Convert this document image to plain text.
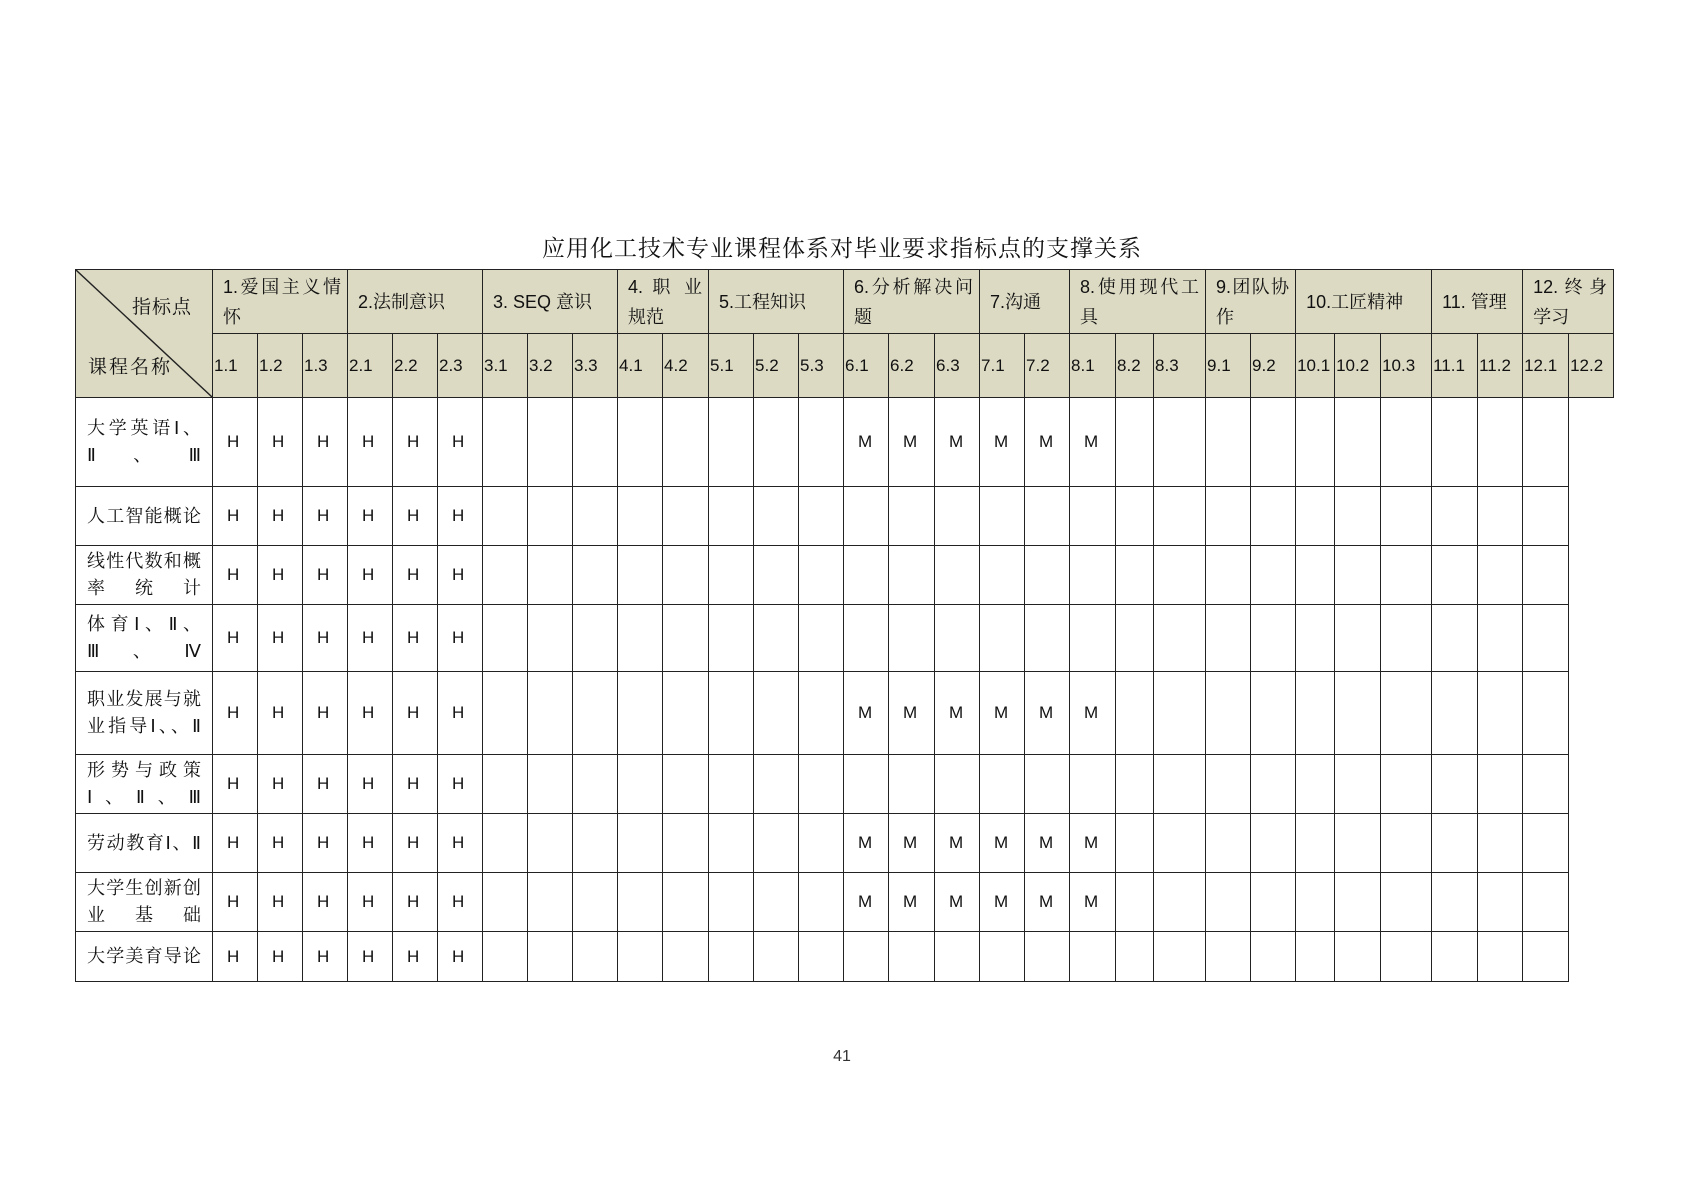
应用化工技术专业课程体系对毕业要求指标点的支撑关系
指标点
课程名称	1.爱国主义情怀			2.法制意识			3. SEQ 意识			4. 职 业规范		5.工程知识			6.分析解决问题			7.沟通		8.使用现代工具			9.团队协作		10.工匠精神			11. 管理		12.终身学习	
	1.1	1.2	1.3	2.1	2.2	2.3	3.1	3.2	3.3	4.1	4.2	5.1	5.2	5.3	6.1	6.2	6.3	7.1	7.2	8.1	8.2	8.3	9.1	9.2	10.1	10.2	10.3	11.1	11.2	12.1	12.2
大学英语Ⅰ、Ⅱ、Ⅲ	H	H	H	H	H	H									M	M	M	M	M	M											
人工智能概论	H	H	H	H	H	H																									
线性代数和概率统计	H	H	H	H	H	H																									
体育Ⅰ、Ⅱ、Ⅲ、Ⅳ	H	H	H	H	H	H																									
职业发展与就业指导Ⅰ、、Ⅱ	H	H	H	H	H	H									M	M	M	M	M	M											
形势与政策Ⅰ、Ⅱ、Ⅲ	H	H	H	H	H	H																									
劳动教育Ⅰ、Ⅱ	H	H	H	H	H	H									M	M	M	M	M	M											
大学生创新创业基础	H	H	H	H	H	H									M	M	M	M	M	M											
大学美育导论	H	H	H	H	H	H																									
41
